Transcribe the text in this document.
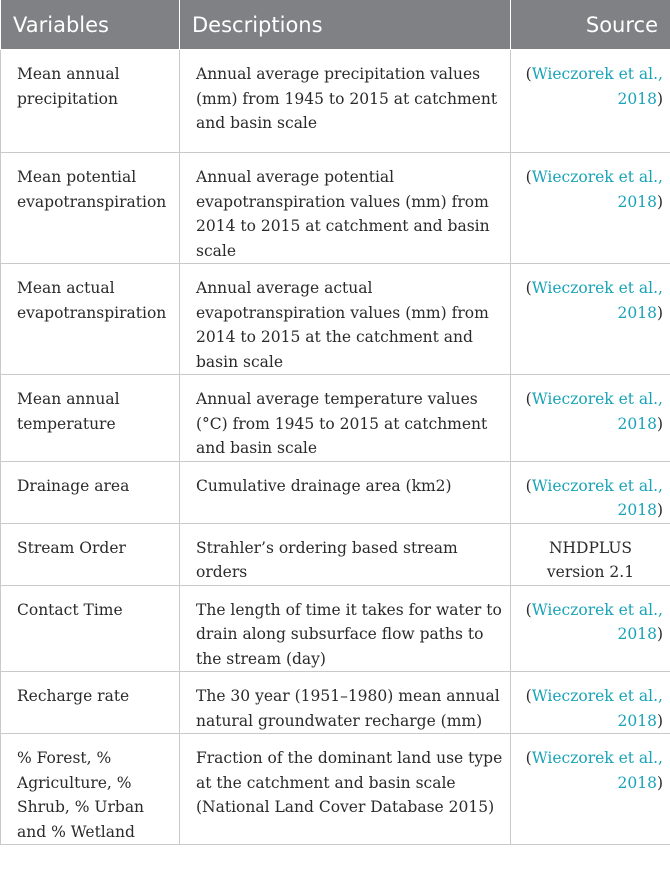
Variables	Descriptions	Source
Mean annual precipitation	Annual average precipitation values (mm) from 1945 to 2015 at catchment and basin scale	(Wieczorek et al.,
2018)
Mean potential evapotranspiration	Annual average potential evapotranspiration values (mm) from 2014 to 2015 at catchment and basin scale	(Wieczorek et al.,
2018)
Mean actual evapotranspiration	Annual average actual evapotranspiration values (mm) from 2014 to 2015 at the catchment and basin scale	(Wieczorek et al.,
2018)
Mean annual temperature	Annual average temperature values (°C) from 1945 to 2015 at catchment and basin scale	(Wieczorek et al.,
2018)
Drainage area	Cumulative drainage area (km2)	(Wieczorek et al.,
2018)
Stream Order	Strahler’s ordering based stream orders	NHDPLUS
version 2.1
Contact Time	The length of time it takes for water to drain along subsurface flow paths to the stream (day)	(Wieczorek et al.,
2018)
Recharge rate	The 30 year (1951–1980) mean annual natural groundwater recharge (mm)	(Wieczorek et al.,
2018)
% Forest, % Agriculture, % Shrub, % Urban and % Wetland	Fraction of the dominant land use type at the catchment and basin scale (National Land Cover Database 2015)	(Wieczorek et al.,
2018)
